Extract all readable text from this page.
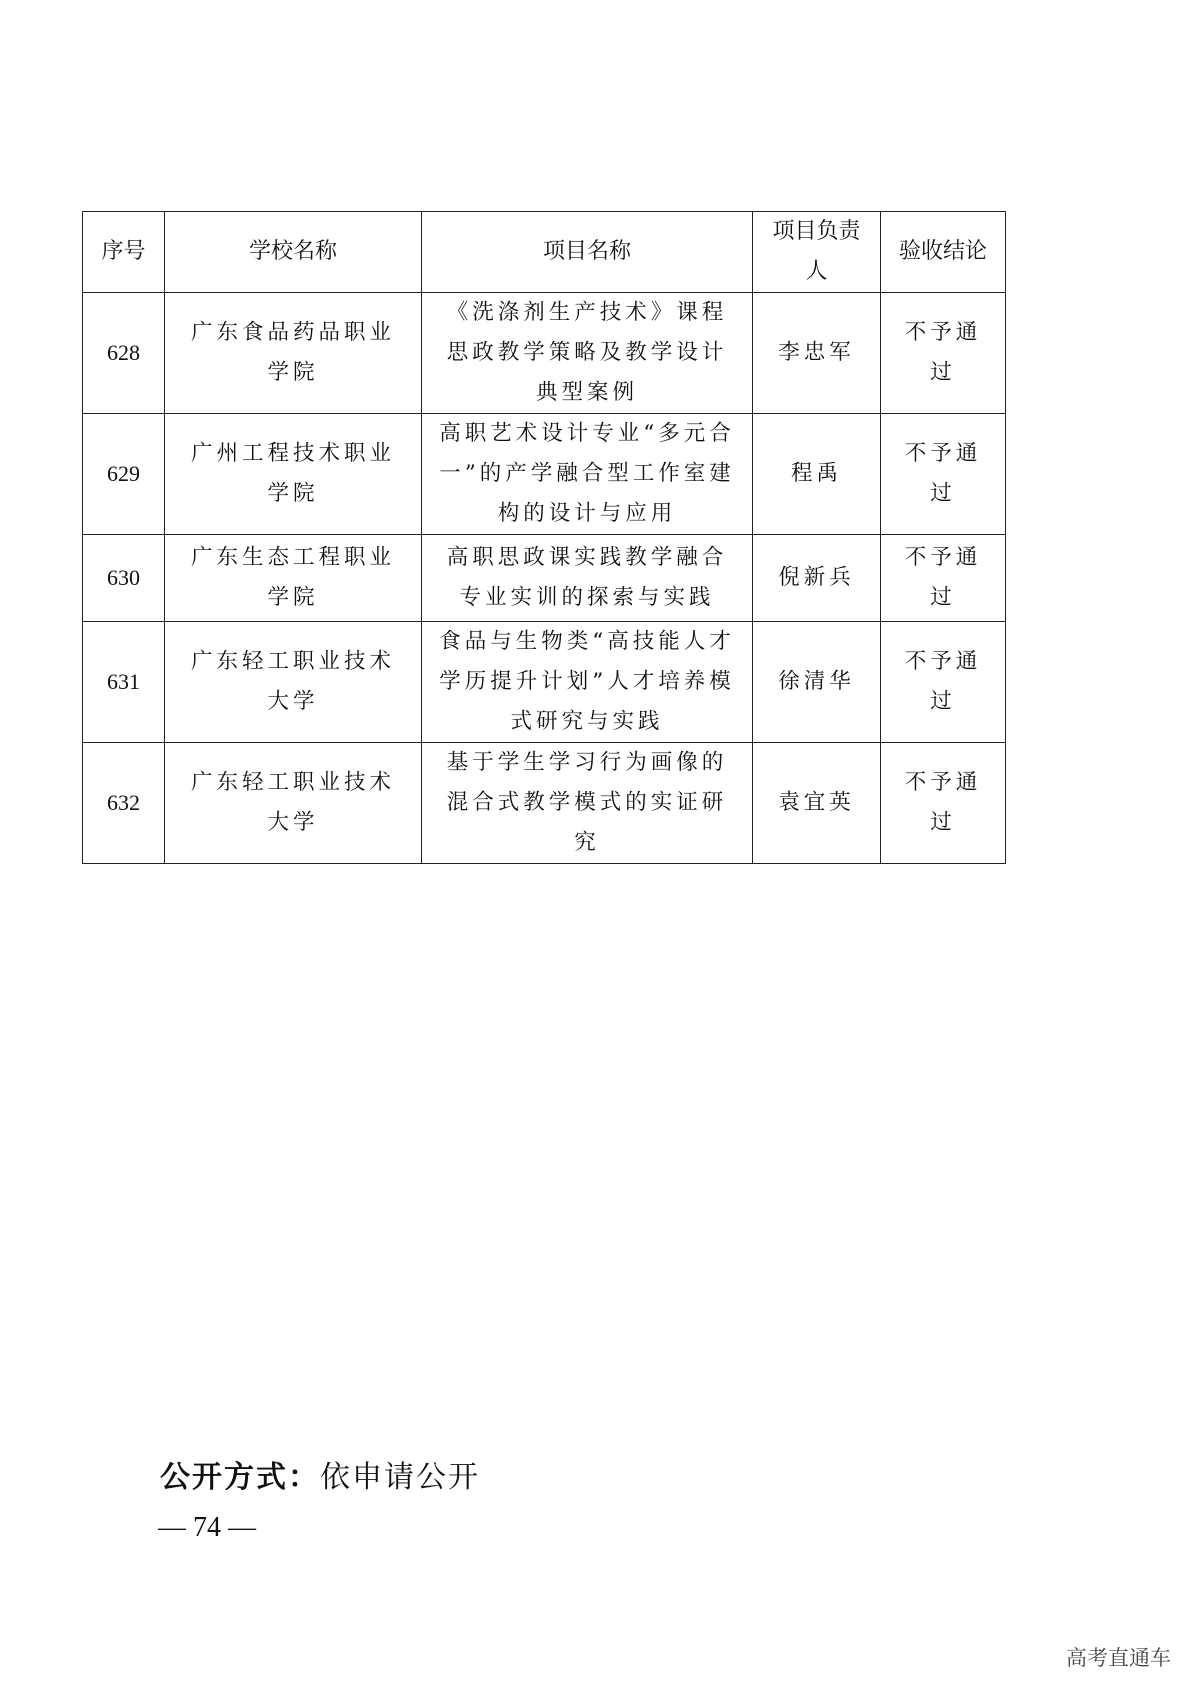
序号	学校名称	项目名称	项目负责人	验收结论
628	广东食品药品职业学院	《洗涤剂生产技术》课程思政教学策略及教学设计典型案例	李忠军	不予通过
629	广州工程技术职业学院	高职艺术设计专业“多元合一”的产学融合型工作室建构的设计与应用	程禹	不予通过
630	广东生态工程职业学院	高职思政课实践教学融合专业实训的探索与实践	倪新兵	不予通过
631	广东轻工职业技术大学	食品与生物类“高技能人才学历提升计划”人才培养模式研究与实践	徐清华	不予通过
632	广东轻工职业技术大学	基于学生学习行为画像的混合式教学模式的实证研究	袁宜英	不予通过
公开方式：依申请公开
— 74 —
高考直通车
